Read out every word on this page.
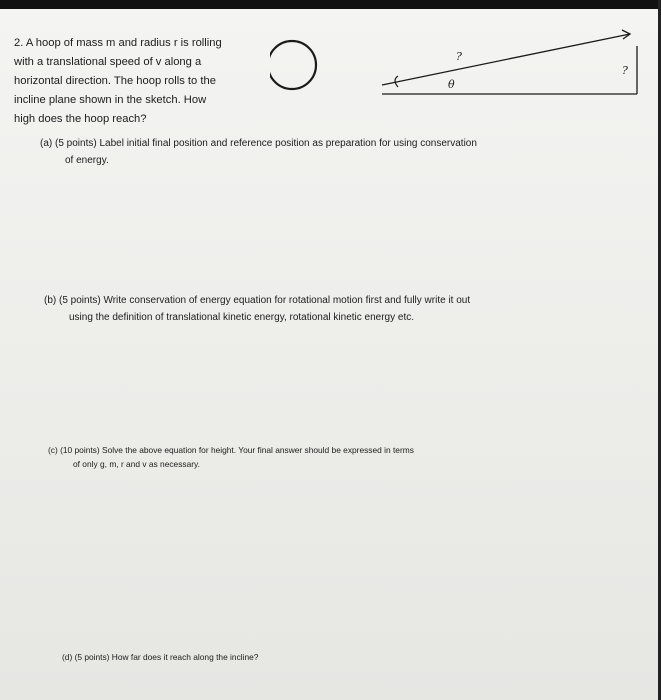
2. A hoop of mass m and radius r is rolling
with a translational speed of v along a
horizontal direction. The hoop rolls to the
incline plane shown in the sketch. How
high does the hoop reach?
?
?
θ
(a) (5 points) Label initial final position and reference position as preparation for using conservation
of energy.
(b) (5 points) Write conservation of energy equation for rotational motion first and fully write it out
using the definition of translational kinetic energy, rotational kinetic energy etc.
(c) (10 points) Solve the above equation for height. Your final answer should be expressed in terms
of only g, m, r and v as necessary.
(d) (5 points) How far does it reach along the incline?
